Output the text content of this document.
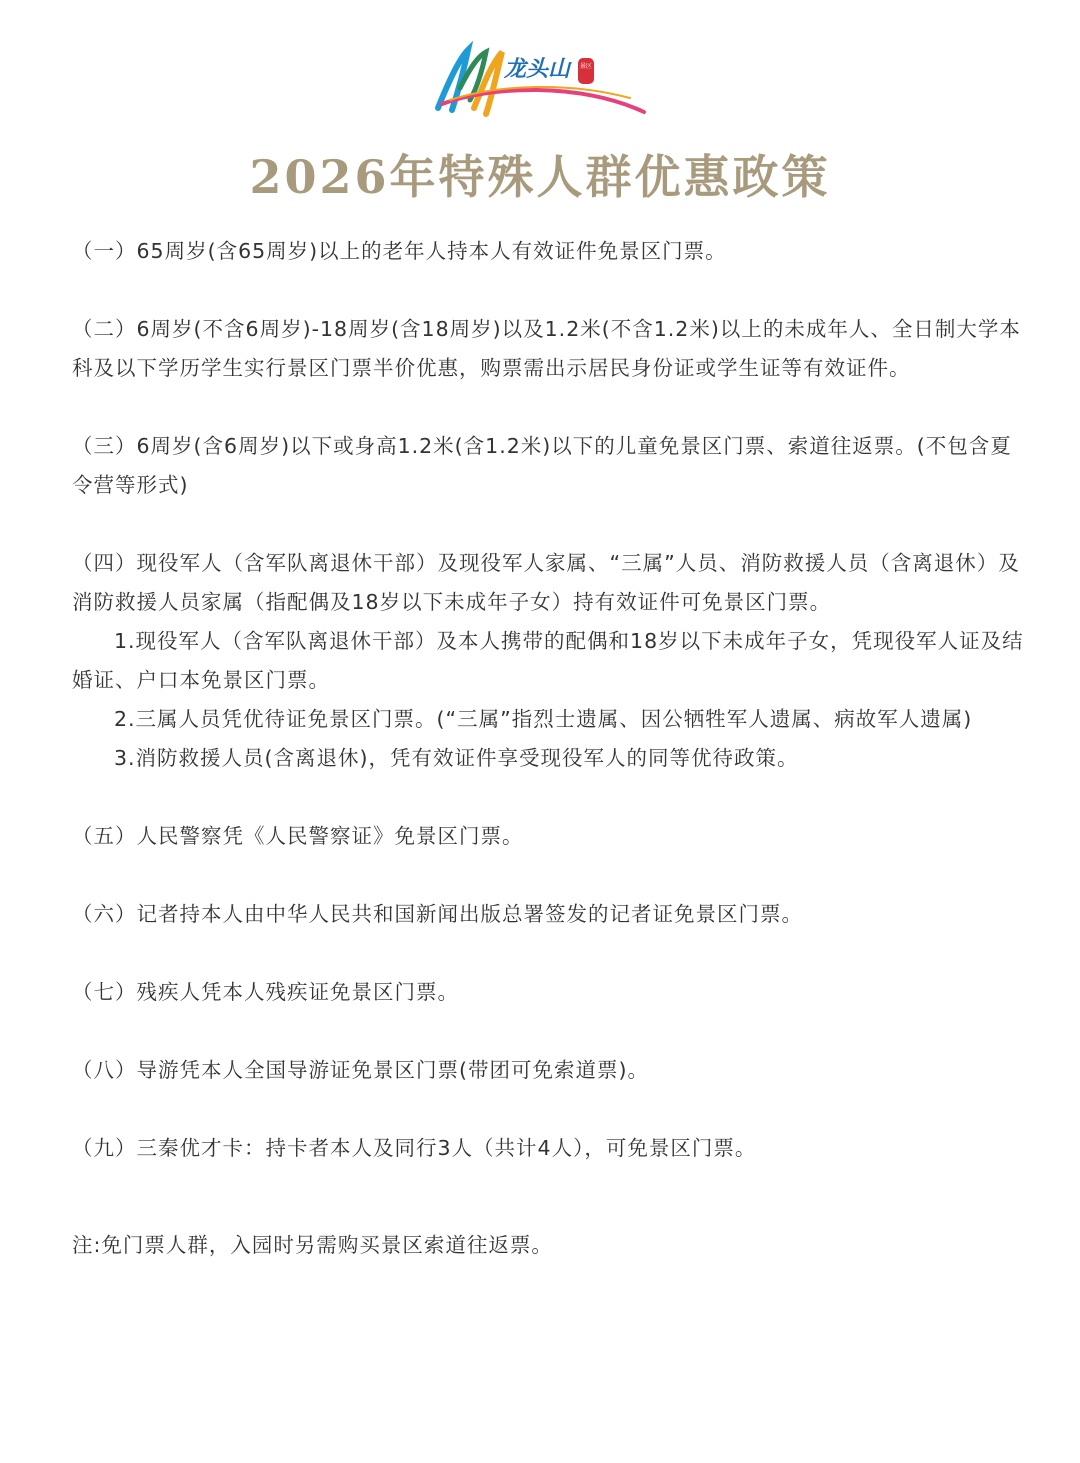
龙头山	景区
2026年特殊人群优惠政策

（一）65周岁(含65周岁)以上的老年人持本人有效证件免景区门票。

（二）6周岁(不含6周岁)-18周岁(含18周岁)以及1.2米(不含1.2米)以上的未成年人、全日制大学本科及以下学历学生实行景区门票半价优惠，购票需出示居民身份证或学生证等有效证件。

（三）6周岁(含6周岁)以下或身高1.2米(含1.2米)以下的儿童免景区门票、索道往返票。(不包含夏令营等形式)

（四）现役军人（含军队离退休干部）及现役军人家属、“三属”人员、消防救援人员（含离退休）及消防救援人员家属（指配偶及18岁以下未成年子女）持有效证件可免景区门票。

1.现役军人（含军队离退休干部）及本人携带的配偶和18岁以下未成年子女，凭现役军人证及结婚证、户口本免景区门票。

2.三属人员凭优待证免景区门票。(“三属”指烈士遗属、因公牺牲军人遗属、病故军人遗属)

3.消防救援人员(含离退休)，凭有效证件享受现役军人的同等优待政策。

（五）人民警察凭《人民警察证》免景区门票。

（六）记者持本人由中华人民共和国新闻出版总署签发的记者证免景区门票。

（七）残疾人凭本人残疾证免景区门票。

（八）导游凭本人全国导游证免景区门票(带团可免索道票)。

（九）三秦优才卡：持卡者本人及同行3人（共计4人），可免景区门票。

注:免门票人群，入园时另需购买景区索道往返票。
